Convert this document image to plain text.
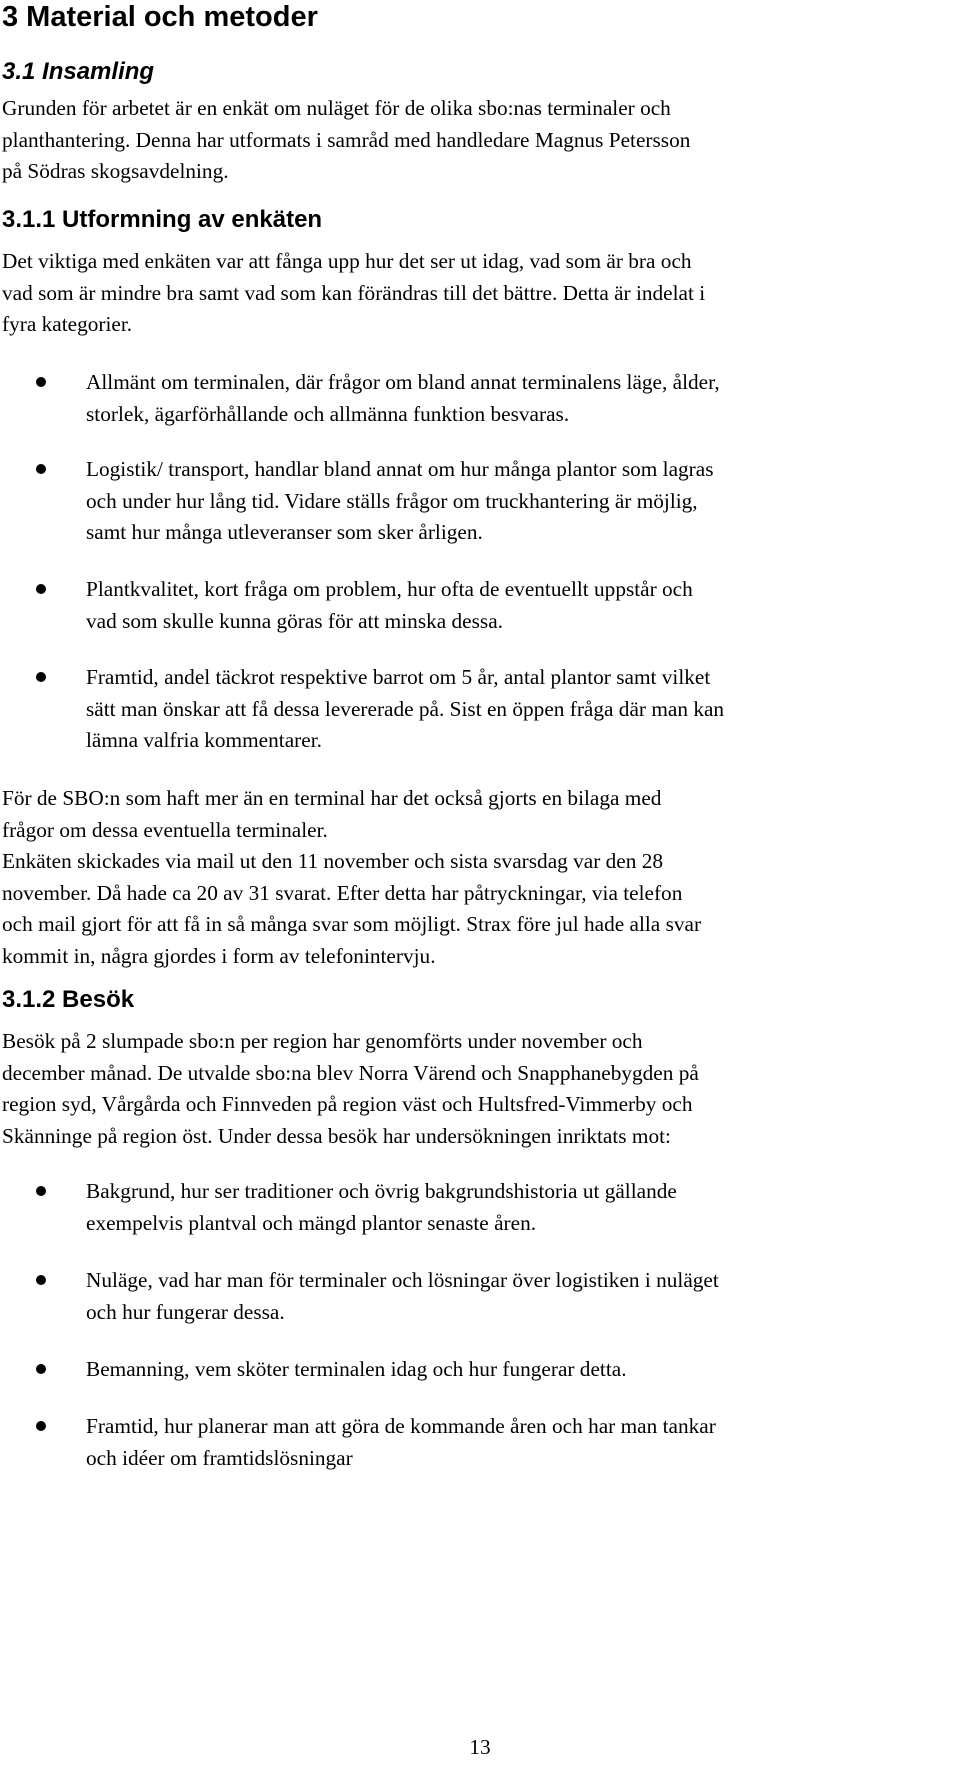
3 Material och metoder
3.1 Insamling
Grunden för arbetet är en enkät om nuläget för de olika sbo:nas terminaler och
planthantering. Denna har utformats i samråd med handledare Magnus Petersson
på Södras skogsavdelning.
3.1.1 Utformning av enkäten
Det viktiga med enkäten var att fånga upp hur det ser ut idag, vad som är bra och
vad som är mindre bra samt vad som kan förändras till det bättre. Detta är indelat i
fyra kategorier.
Allmänt om terminalen, där frågor om bland annat terminalens läge, ålder,
storlek, ägarförhållande och allmänna funktion besvaras.
Logistik/ transport, handlar bland annat om hur många plantor som lagras
och under hur lång tid. Vidare ställs frågor om truckhantering är möjlig,
samt hur många utleveranser som sker årligen.
Plantkvalitet, kort fråga om problem, hur ofta de eventuellt uppstår och
vad som skulle kunna göras för att minska dessa.
Framtid, andel täckrot respektive barrot om 5 år, antal plantor samt vilket
sätt man önskar att få dessa levererade på. Sist en öppen fråga där man kan
lämna valfria kommentarer.
För de SBO:n som haft mer än en terminal har det också gjorts en bilaga med
frågor om dessa eventuella terminaler.
Enkäten skickades via mail ut den 11 november och sista svarsdag var den 28
november. Då hade ca 20 av 31 svarat. Efter detta har påtryckningar, via telefon
och mail gjort för att få in så många svar som möjligt. Strax före jul hade alla svar
kommit in, några gjordes i form av telefonintervju.
3.1.2 Besök
Besök på 2 slumpade sbo:n per region har genomförts under november och
december månad. De utvalde sbo:na blev Norra Värend och Snapphanebygden på
region syd, Vårgårda och Finnveden på region väst och Hultsfred-Vimmerby och
Skänninge på region öst. Under dessa besök har undersökningen inriktats mot:
Bakgrund, hur ser traditioner och övrig bakgrundshistoria ut gällande
exempelvis plantval och mängd plantor senaste åren.
Nuläge, vad har man för terminaler och lösningar över logistiken i nuläget
och hur fungerar dessa.
Bemanning, vem sköter terminalen idag och hur fungerar detta.
Framtid, hur planerar man att göra de kommande åren och har man tankar
och idéer om framtidslösningar
13
